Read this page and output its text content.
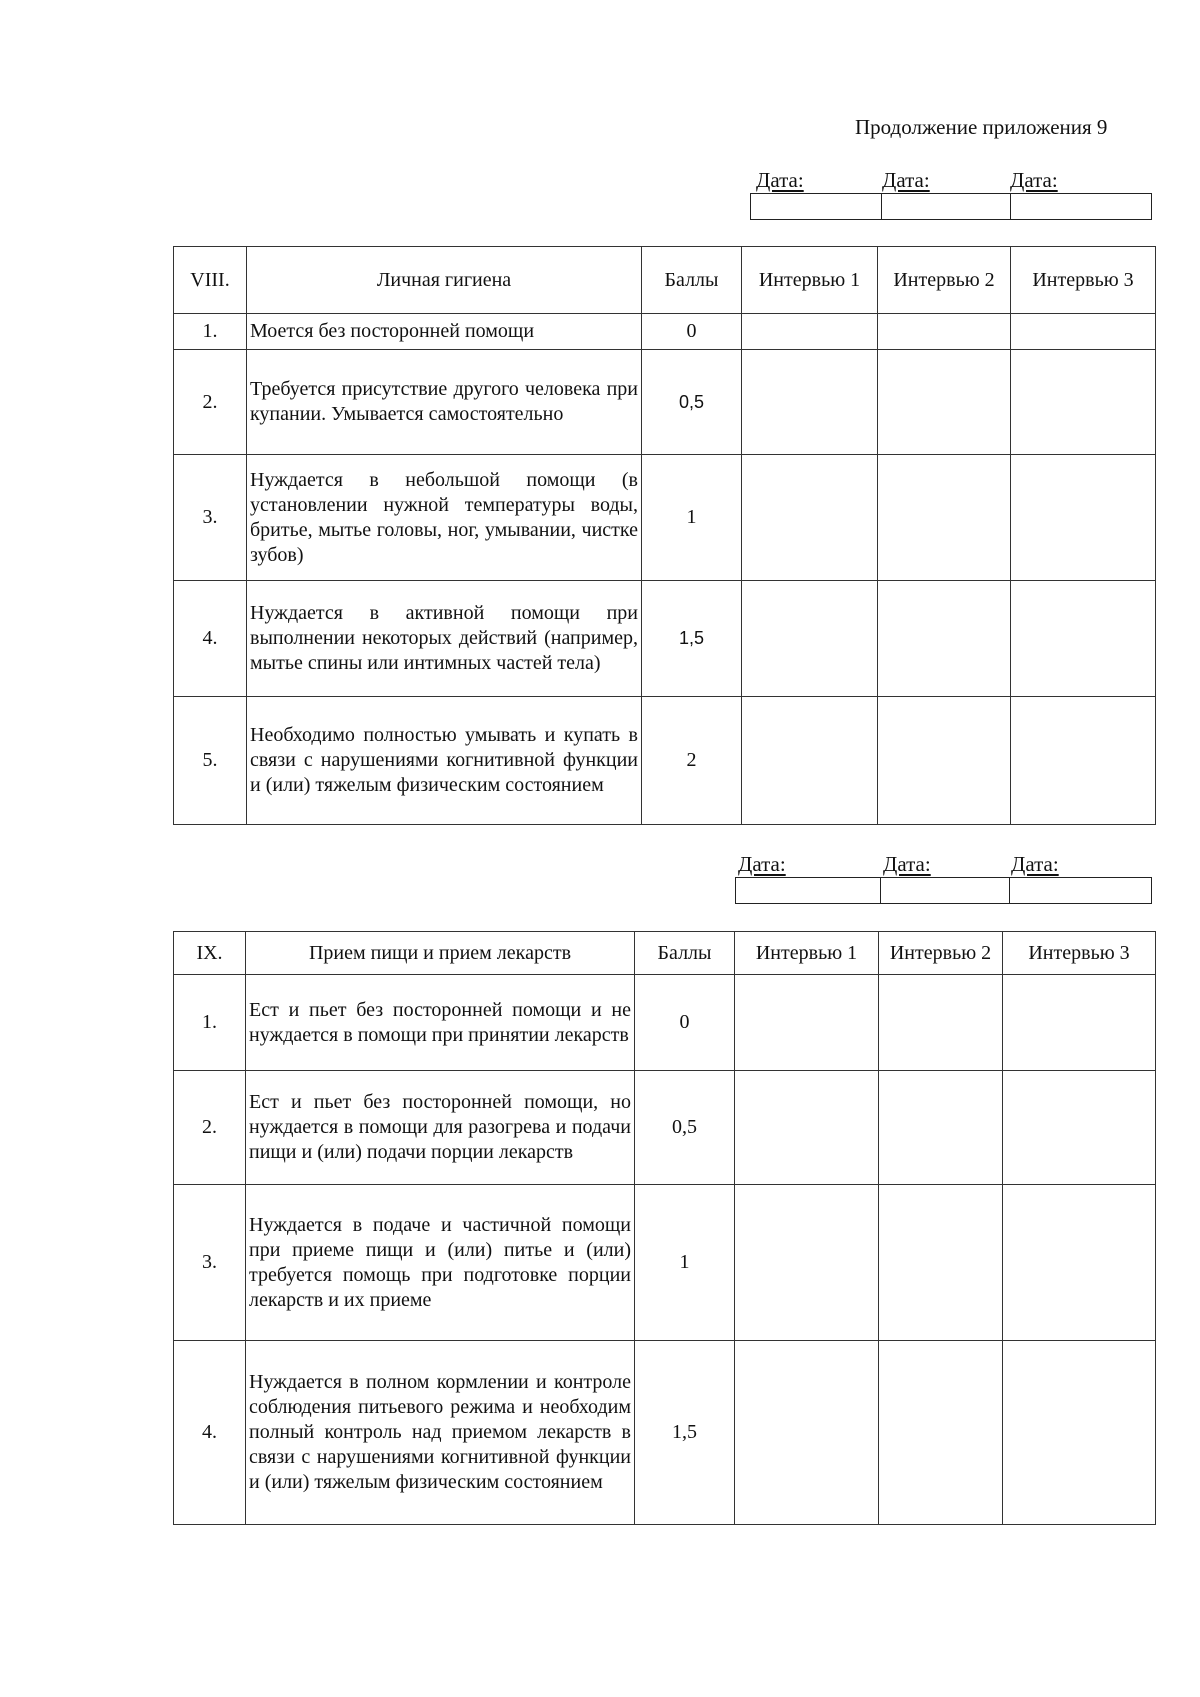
Продолжение приложения 9
Дата:	Дата:	Дата:
VIII.	Личная гигиена	Баллы	Интервью 1	Интервью 2	Интервью 3
1.	Моется без посторонней помощи	0			
2.	Требуется присутствие другого человека при купании. Умывается самостоятельно	0,5			
3.	Нуждается в небольшой помощи (в установлении нужной температуры воды, бритье, мытье головы, ног, умывании, чистке зубов)	1			
4.	Нуждается в активной помощи при выполнении некоторых действий (например, мытье спины или интимных частей тела)	1,5			
5.	Необходимо полностью умывать и купать в связи с нарушениями когнитивной функции и (или) тяжелым физическим состоянием	2			
Дата:	Дата:	Дата:
IX.	Прием пищи и прием лекарств	Баллы	Интервью 1	Интервью 2	Интервью 3
1.	Ест и пьет без посторонней помощи и не нуждается в помощи при принятии лекарств	0			
2.	Ест и пьет без посторонней помощи, но нуждается в помощи для разогрева и подачи пищи и (или) подачи порции лекарств	0,5			
3.	Нуждается в подаче и частичной помощи при приеме пищи и (или) питье и (или) требуется помощь при подготовке порции лекарств и их приеме	1			
4.	Нуждается в полном кормлении и контроле соблюдения питьевого режима и необходим полный контроль над приемом лекарств в связи с нарушениями когнитивной функции и (или) тяжелым физическим состоянием	1,5			
